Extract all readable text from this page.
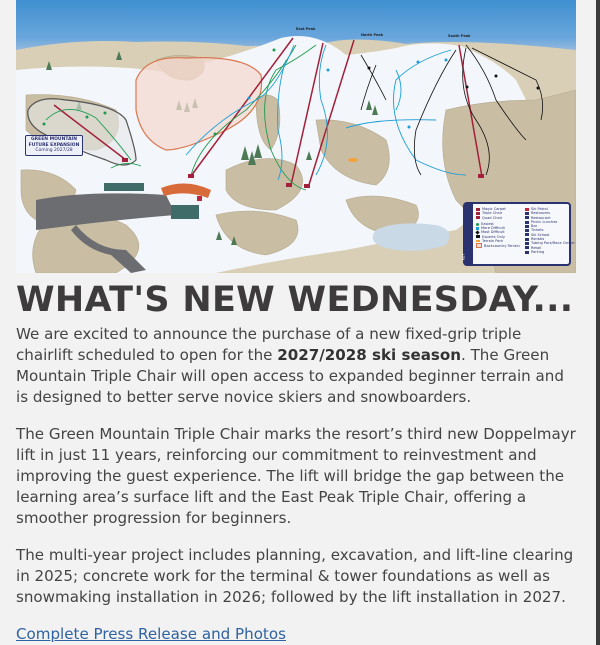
East Peak
North Peak	South Peak
GREEN MOUNTAIN
FUTURE EXPANSION
Coming 2027/28
KEY
Magic Carpet
Triple Chair
Quad Chair
Easiest
More Difficult
Most Difficult
Experts Only
Terrain Park
Backcountry Terrain
Ski Patrol
Restrooms
Restaurant
Picnic Lunches
Bar
Tickets
Ski School
Rentals
Tubing Park/Race Center
Retail
Parking
WHAT'S NEW WEDNESDAY...

We are excited to announce the purchase of a new fixed-grip triple chairlift scheduled to open for the 2027/2028 ski season. The Green Mountain Triple Chair will open access to expanded beginner terrain and is designed to better serve novice skiers and snowboarders.

The Green Mountain Triple Chair marks the resort’s third new Doppelmayr lift in just 11 years, reinforcing our commitment to reinvestment and improving the guest experience. The lift will bridge the gap between the learning area’s surface lift and the East Peak Triple Chair, offering a smoother progression for beginners.

The multi-year project includes planning, excavation, and lift-line clearing in 2025; concrete work for the terminal & tower foundations as well as snowmaking installation in 2026; followed by the lift installation in 2027.

Complete Press Release and Photos
